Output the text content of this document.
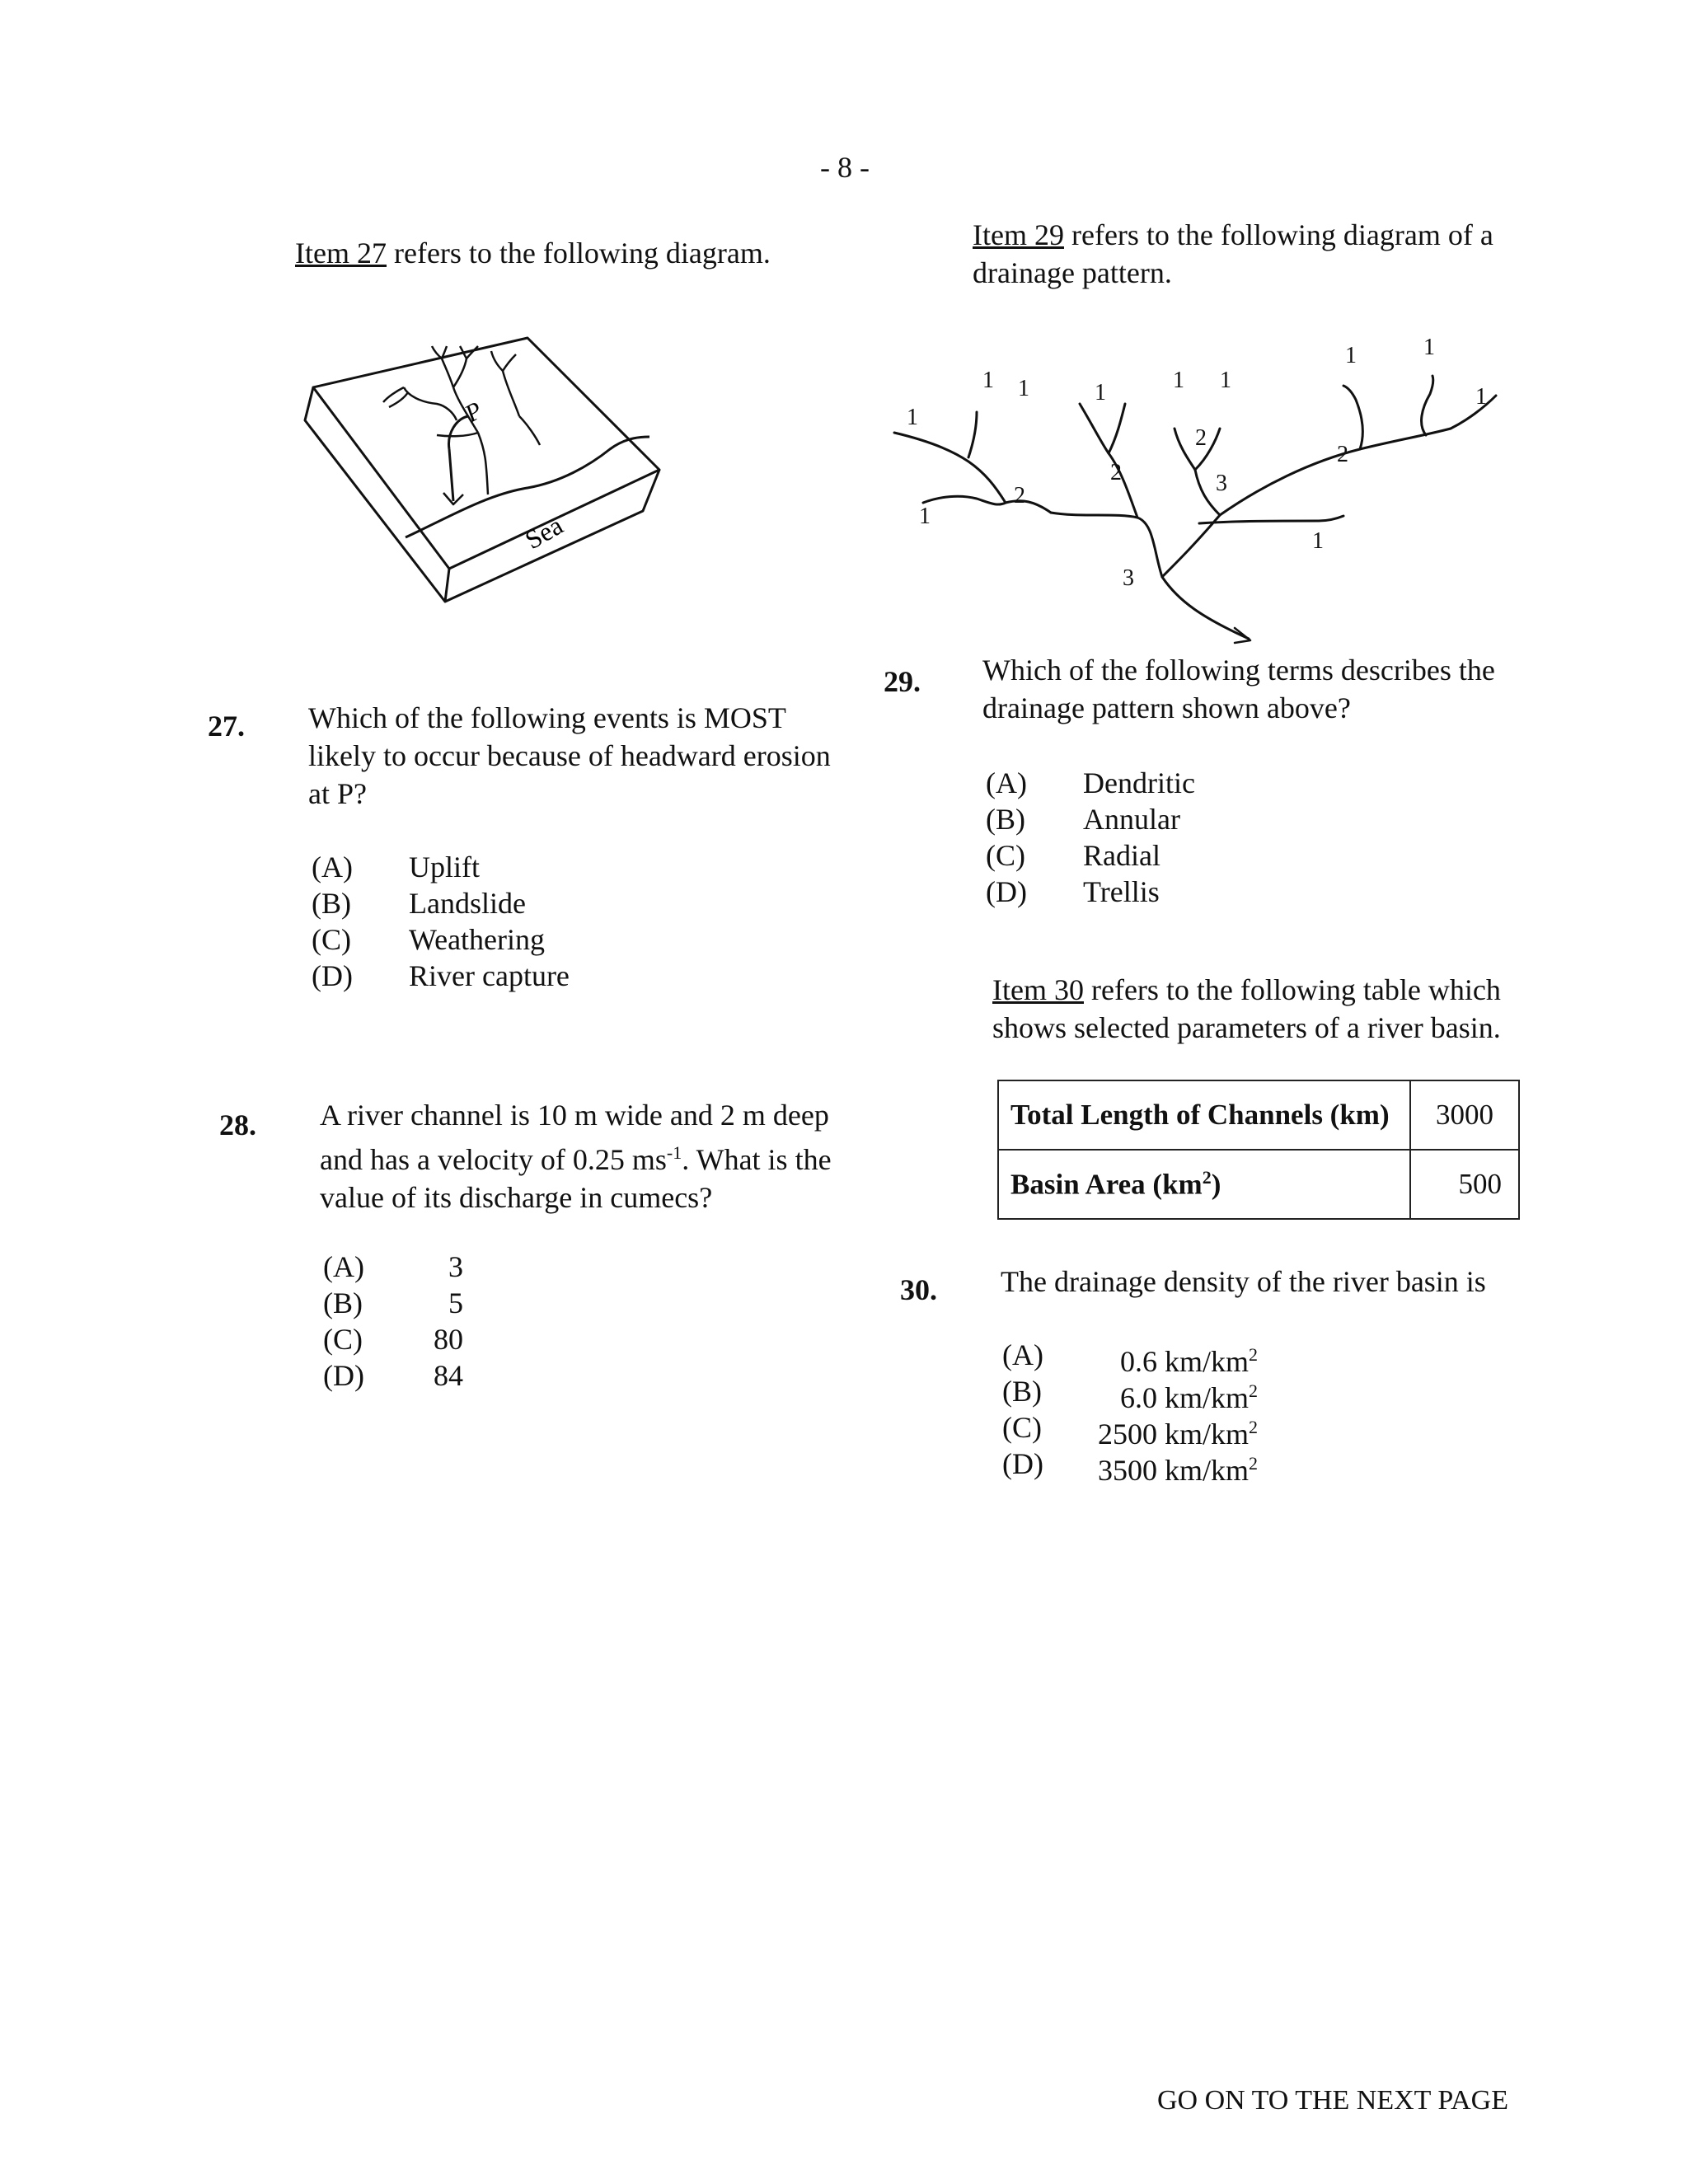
- 8 -
Item 27 refers to the following diagram.
P
Sea
27. Which of the following events is MOST likely to occur because of headward erosion at P?
(A) Uplift
(B) Landslide
(C) Weathering
(D) River capture
28. A river channel is 10 m wide and 2 m deep and has a velocity of 0.25 $ms^{-1}$. What is the value of its discharge in cumecs?
(A)	3
(B)	5
(C)	80
(D)	84
Item 29 refers to the following diagram of a drainage pattern.
1
1 1	1	1 1
1	1
1
1
2
2
2
2
3
3
1
29. Which of the following terms describes the drainage pattern shown above?
(A) Dendritic
(B) Annular
(C) Radial
(D) Trellis
Item 30 refers to the following table which shows selected parameters of a river basin.
Total Length of Channels (km)	3000
Basin Area $(km^2)$	500
30. The drainage density of the river basin is
(A)	0.6 $km/km^2$
(B)	6.0 $km/km^2$
(C)	2500 $km/km^2$
(D)	3500 $km/km^2$
GO ON TO THE NEXT PAGE
